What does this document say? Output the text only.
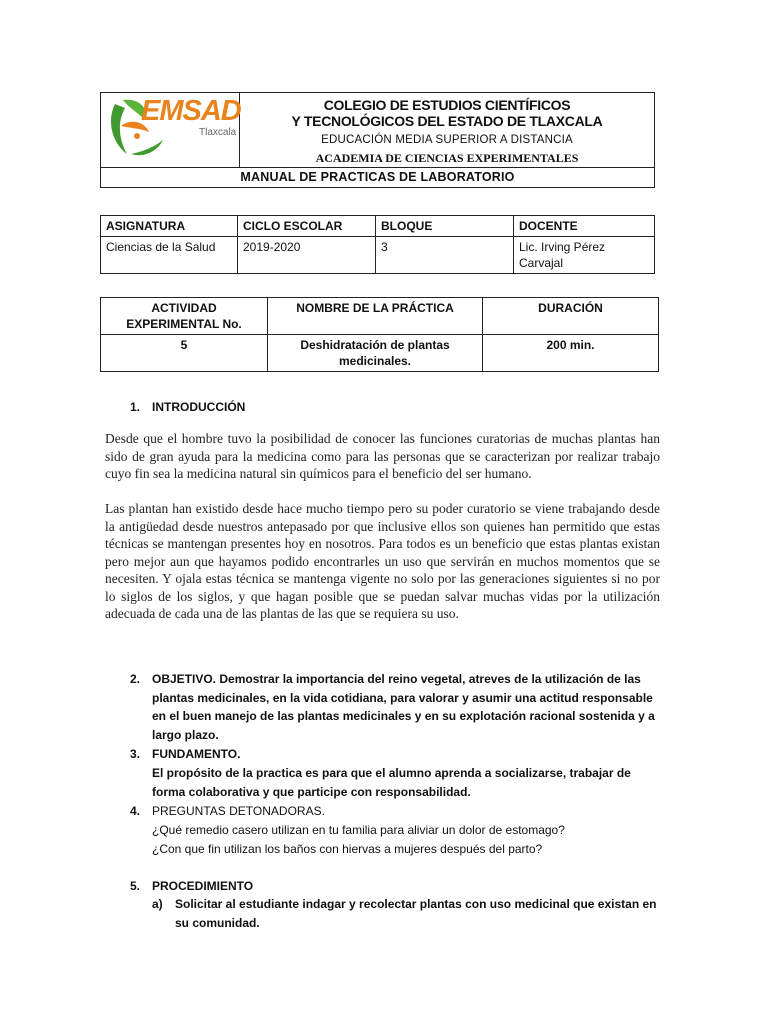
EMSAD
Tlaxcala

COLEGIO DE ESTUDIOS CIENTÍFICOS
Y TECNOLÓGICOS DEL ESTADO DE TLAXCALA
EDUCACIÓN MEDIA SUPERIOR A DISTANCIA
ACADEMIA DE CIENCIAS EXPERIMENTALES

MANUAL DE PRACTICAS DE LABORATORIO
ASIGNATURA	CICLO ESCOLAR	BLOQUE	DOCENTE
Ciencias de la Salud	2019-2020	3	Lic. Irving Pérez Carvajal
ACTIVIDAD EXPERIMENTAL No.	NOMBRE DE LA PRÁCTICA	DURACIÓN
5	Deshidratación de plantas medicinales.	200 min.
1. INTRODUCCIÓN

Desde que el hombre tuvo la posibilidad de conocer las funciones curatorias de muchas plantas han sido de gran ayuda para la medicina como para las personas que se caracterizan por realizar trabajo cuyo fin sea la medicina natural sin químicos para el beneficio del ser humano.

Las plantan han existido desde hace mucho tiempo pero su poder curatorio se viene trabajando desde la antigüedad desde nuestros antepasado por que inclusive ellos son quienes han permitido que estas técnicas se mantengan presentes hoy en nosotros. Para todos es un beneficio que estas plantas existan pero mejor aun que hayamos podido encontrarles un uso que servirán en muchos momentos que se necesiten. Y ojala estas técnica se mantenga vigente no solo por las generaciones siguientes si no por lo siglos de los siglos, y que hagan posible que se puedan salvar muchas vidas por la utilización adecuada de cada una de las plantas de las que se requiera su uso.

2. OBJETIVO. Demostrar la importancia del reino vegetal, atreves de la utilización de las plantas medicinales, en la vida cotidiana, para valorar y asumir una actitud responsable en el buen manejo de las plantas medicinales y en su explotación racional sostenida y a largo plazo.

3. FUNDAMENTO.

El propósito de la practica es para que el alumno aprenda a socializarse, trabajar de forma colaborativa y que participe con responsabilidad.

4. PREGUNTAS DETONADORAS.

¿Qué remedio casero utilizan en tu familia para aliviar un dolor de estomago?

¿Con que fin utilizan los baños con hiervas a mujeres después del parto?

5. PROCEDIMIENTO

a) Solicitar al estudiante indagar y recolectar plantas con uso medicinal que existan en su comunidad.
